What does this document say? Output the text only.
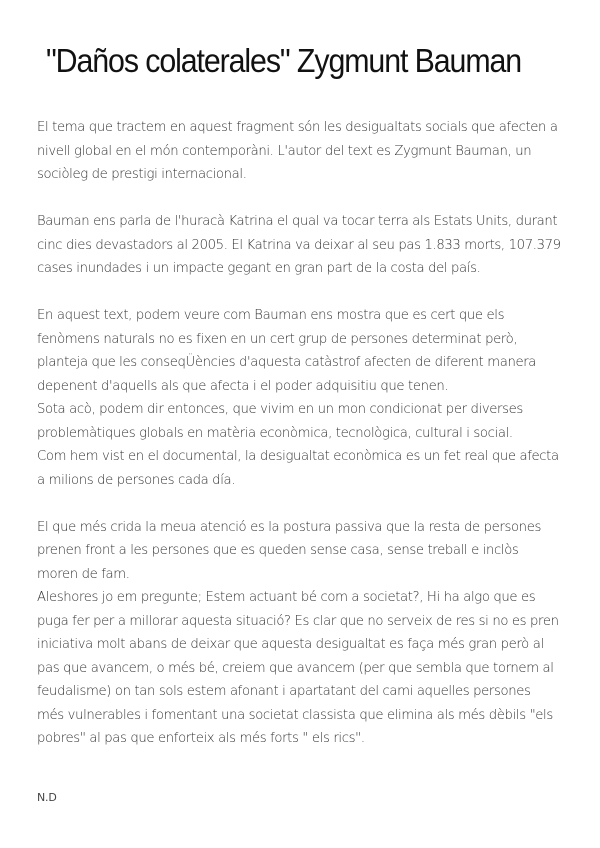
"Daños colaterales" Zygmunt Bauman
El tema que tractem en aquest fragment són les desigualtats socials que afecten a
nivell global en el món contemporàni. L'autor del text es Zygmunt Bauman, un
sociòleg de prestigi internacional.
Bauman ens parla de l'huracà Katrina el qual va tocar terra als Estats Units, durant
cinc dies devastadors al 2005. El Katrina va deixar al seu pas 1.833 morts, 107.379
cases inundades i un impacte gegant en gran part de la costa del país.
En aquest text, podem veure com Bauman ens mostra que es cert que els
fenòmens naturals no es fixen en un cert grup de persones determinat però,
planteja que les conseqÜències d'aquesta catàstrof afecten de diferent manera
depenent d'aquells als que afecta i el poder adquisitiu que tenen.
Sota acò, podem dir entonces, que vivim en un mon condicionat per diverses
problemàtiques globals en matèria econòmica, tecnològica, cultural i social.
Com hem vist en el documental, la desigualtat econòmica es un fet real que afecta
a milions de persones cada día.
El que més crida la meua atenció es la postura passiva que la resta de persones
prenen front a les persones que es queden sense casa, sense treball e inclòs
moren de fam.
Aleshores jo em pregunte; Estem actuant bé com a societat?, Hi ha algo que es
puga fer per a millorar aquesta situació? Es clar que no serveix de res si no es pren
iniciativa molt abans de deixar que aquesta desigualtat es faça més gran però al
pas que avancem, o més bé, creiem que avancem (per que sembla que tornem al
feudalisme) on tan sols estem afonant i apartatant del cami aquelles persones
més vulnerables i fomentant una societat classista que elimina als més dèbils "els
pobres" al pas que enforteix als més forts " els rics".
N.D
